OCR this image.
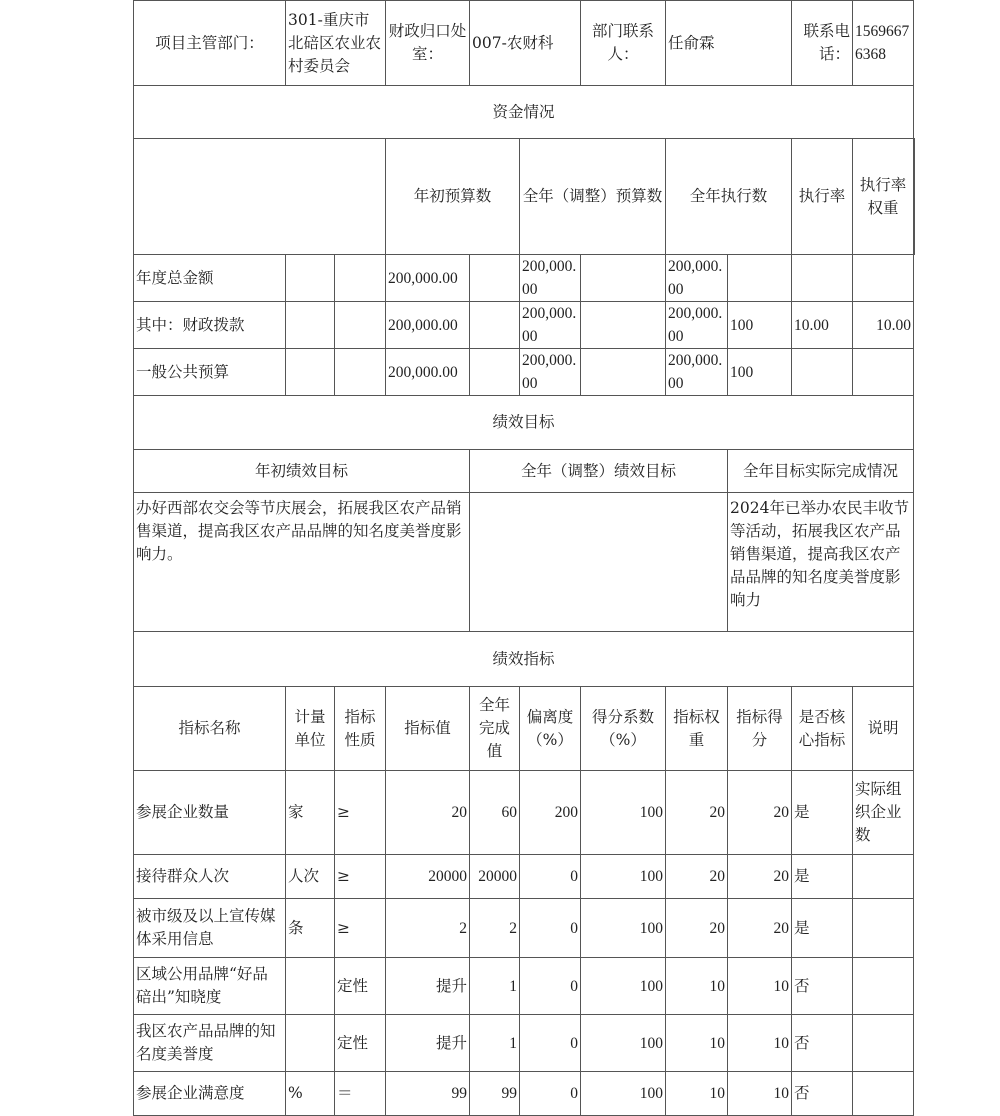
项目主管部门：	301-重庆市北碚区农业农村委员会		财政归口处室：	007-农财科		部门联系人：	任俞霖		联系电话：	15696676368	
资金情况											
			年初预算数		全年（调整）预算数		全年执行数		执行率	执行率权重	
年度总金额			200,000.00		200,000.00		200,000.00				
其中：财政拨款			200,000.00		200,000.00		200,000.00	100	10.00	10.00	
一般公共预算			200,000.00		200,000.00		200,000.00	100			
绩效目标											
年初绩效目标				全年（调整）绩效目标				全年目标实际完成情况			
办好西部农交会等节庆展会，拓展我区农产品销售渠道，提高我区农产品品牌的知名度美誉度影响力。								2024年已举办农民丰收节等活动，拓展我区农产品销售渠道，提高我区农产品品牌的知名度美誉度影响力			
绩效指标											
指标名称	计量单位	指标性质	指标值	全年完成值	偏离度（%）	得分系数（%）	指标权重	指标得分	是否核心指标	说明	
参展企业数量	家	≥	20	60	200	100	20	20	是	实际组织企业数	
接待群众人次	人次	≥	20000	20000	0	100	20	20	是		
被市级及以上宣传媒体采用信息	条	≥	2	2	0	100	20	20	是		
区域公用品牌“好品碚出”知晓度		定性	提升	1	0	100	10	10	否		
我区农产品品牌的知名度美誉度		定性	提升	1	0	100	10	10	否		
参展企业满意度	%	＝	99	99	0	100	10	10	否		
